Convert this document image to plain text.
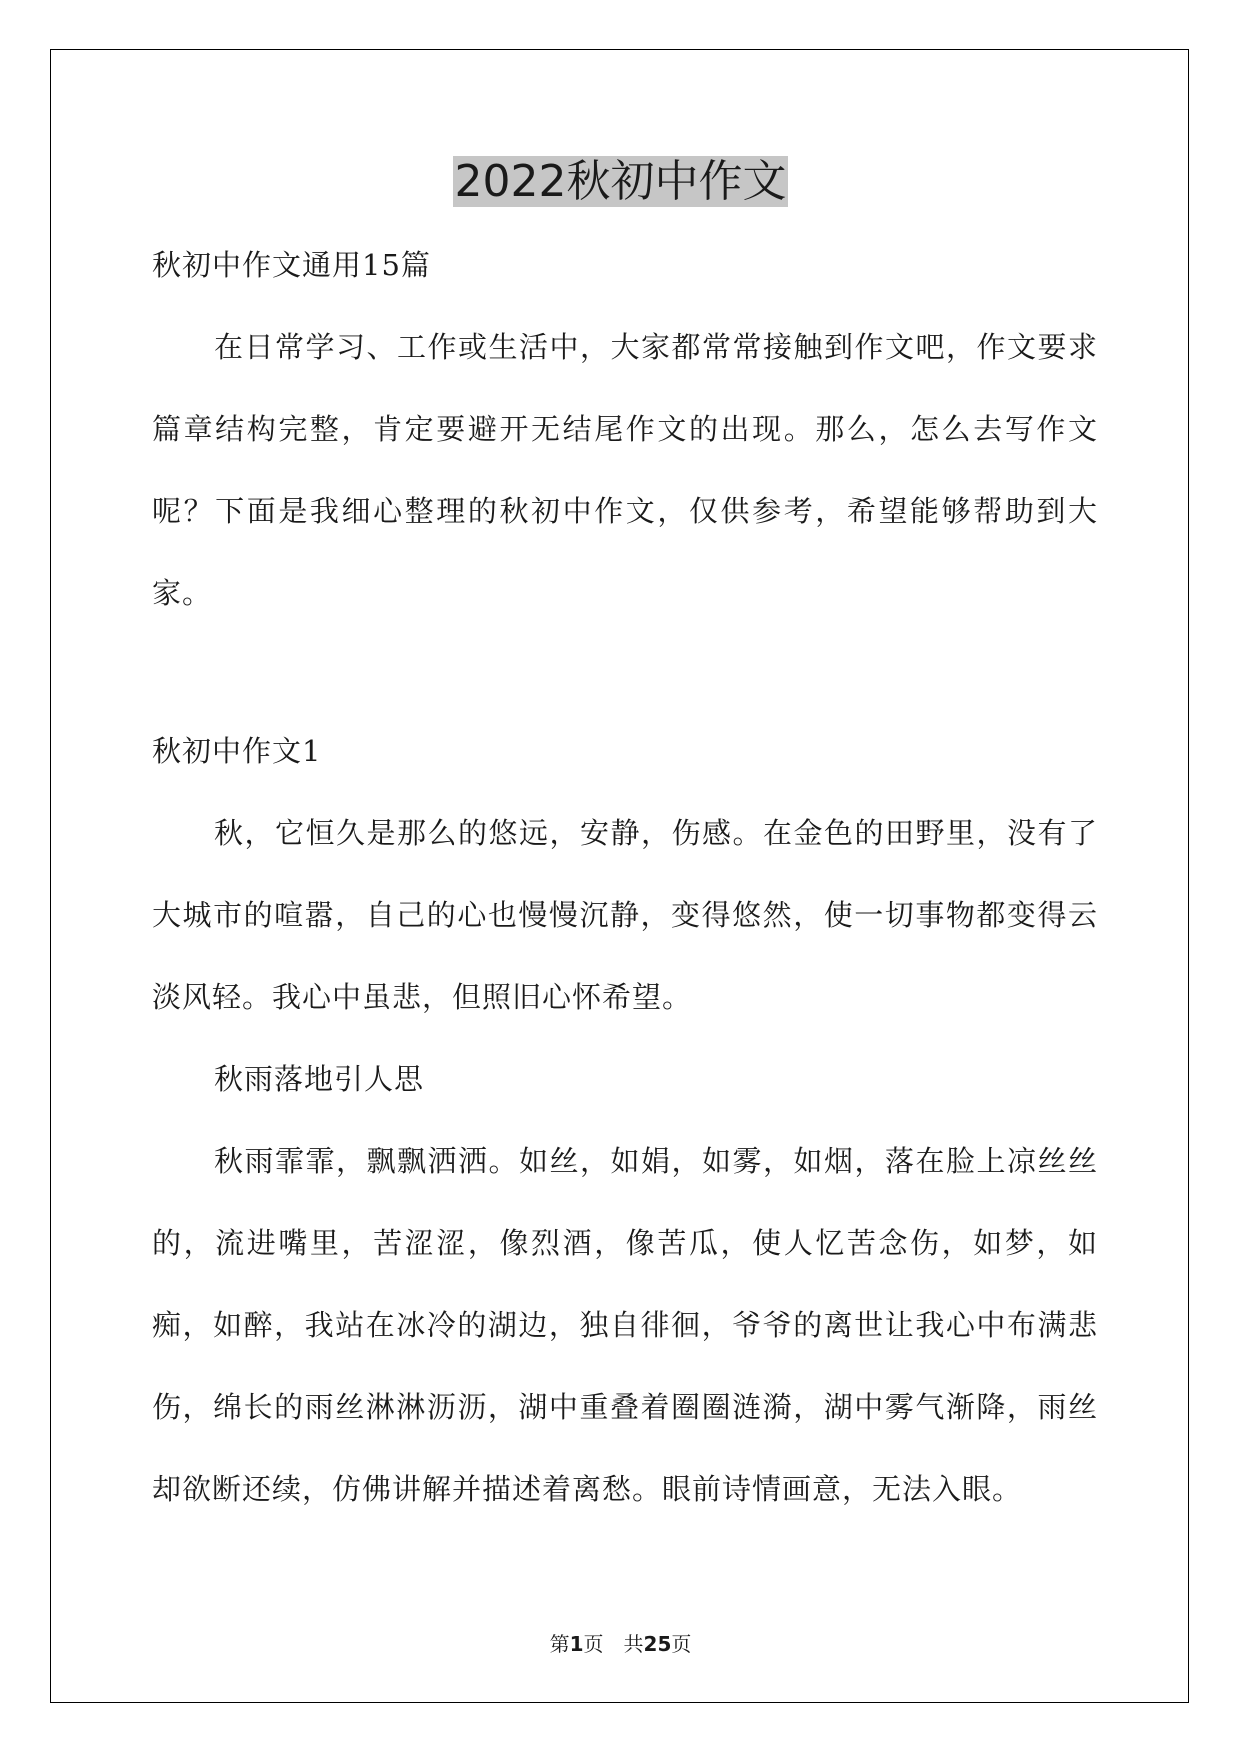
2022秋初中作文
秋初中作文通用15篇
在日常学习、工作或生活中，大家都常常接触到作文吧，作文要求篇章结构完整，肯定要避开无结尾作文的出现。那么，怎么去写作文呢？下面是我细心整理的秋初中作文，仅供参考，希望能够帮助到大家。
秋初中作文1
秋，它恒久是那么的悠远，安静，伤感。在金色的田野里，没有了大城市的喧嚣，自己的心也慢慢沉静，变得悠然，使一切事物都变得云淡风轻。我心中虽悲，但照旧心怀希望。
秋雨落地引人思
秋雨霏霏，飘飘洒洒。如丝，如娟，如雾，如烟，落在脸上凉丝丝的，流进嘴里，苦涩涩，像烈酒，像苦瓜，使人忆苦念伤，如梦，如痴，如醉，我站在冰冷的湖边，独自徘徊，爷爷的离世让我心中布满悲伤，绵长的雨丝淋淋沥沥，湖中重叠着圈圈涟漪，湖中雾气渐降，雨丝却欲断还续，仿佛讲解并描述着离愁。眼前诗情画意，无法入眼。
第1页　共25页
